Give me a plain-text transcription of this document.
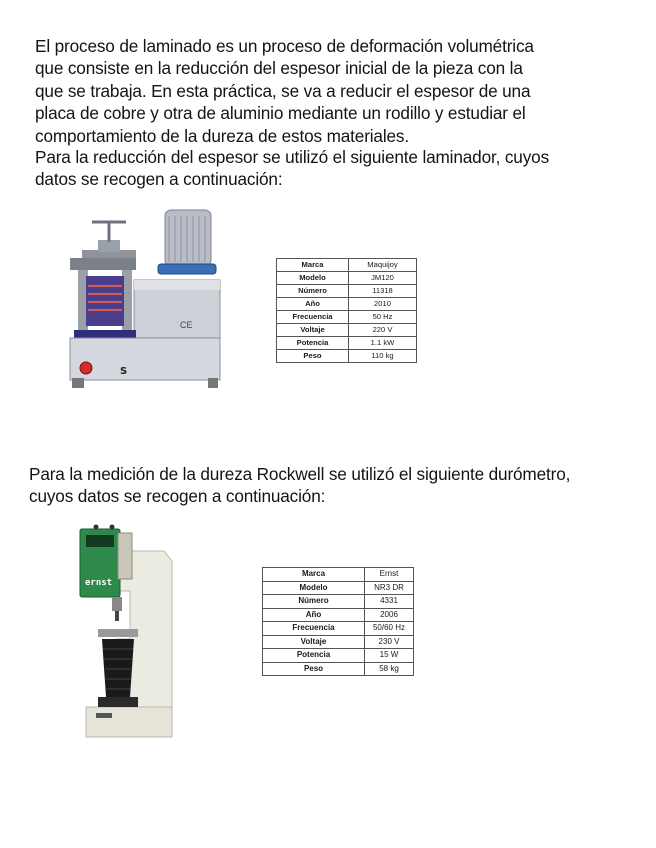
El proceso de laminado es un proceso de deformación volumétrica
que consiste en la reducción del espesor inicial de la pieza con la
que se trabaja. En esta práctica, se va a reducir el espesor de una
placa de cobre y otra de aluminio mediante un rodillo y estudiar el
comportamiento de la dureza de estos materiales.
Para la reducción del espesor se utilizó el siguiente laminador, cuyos
datos se recogen a continuación:
CE
S
Marca	Maquijoy
Modelo	JM120
Número	11318
Año	2010
Frecuencia	50 Hz
Voltaje	220 V
Potencia	1.1 kW
Peso	110 kg
Para la medición de la dureza Rockwell se utilizó el siguiente durómetro,
cuyos datos se recogen a continuación:
ernst
Marca	Ernst
Modelo	NR3 DR
Número	4331
Año	2006
Frecuencia	50/60 Hz
Voltaje	230 V
Potencia	15 W
Peso	58 kg
